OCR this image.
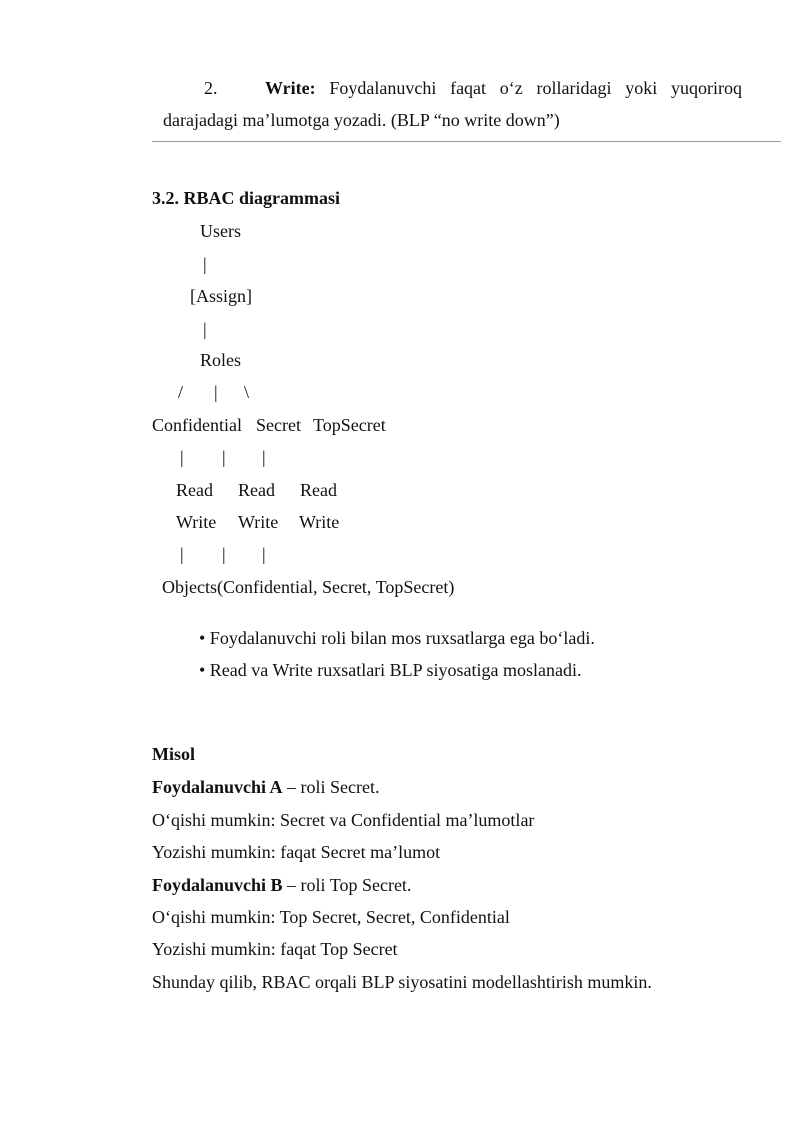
2.	Write: Foydalanuvchi faqat o‘z rollaridagi yoki yuqoriroq
darajadagi ma’lumotga yozadi. (BLP “no write down”)
3.2. RBAC diagrammasi
Users
|
[Assign]
|
Roles
/ | \
Confidential Secret TopSecret
| | |
Read Read Read
Write Write Write
| | |
Objects(Confidential, Secret, TopSecret)
• Foydalanuvchi roli bilan mos ruxsatlarga ega bo‘ladi.
• Read va Write ruxsatlari BLP siyosatiga moslanadi.
Misol
Foydalanuvchi A – roli Secret.
O‘qishi mumkin: Secret va Confidential ma’lumotlar
Yozishi mumkin: faqat Secret ma’lumot
Foydalanuvchi B – roli Top Secret.
O‘qishi mumkin: Top Secret, Secret, Confidential
Yozishi mumkin: faqat Top Secret
Shunday qilib, RBAC orqali BLP siyosatini modellashtirish mumkin.
